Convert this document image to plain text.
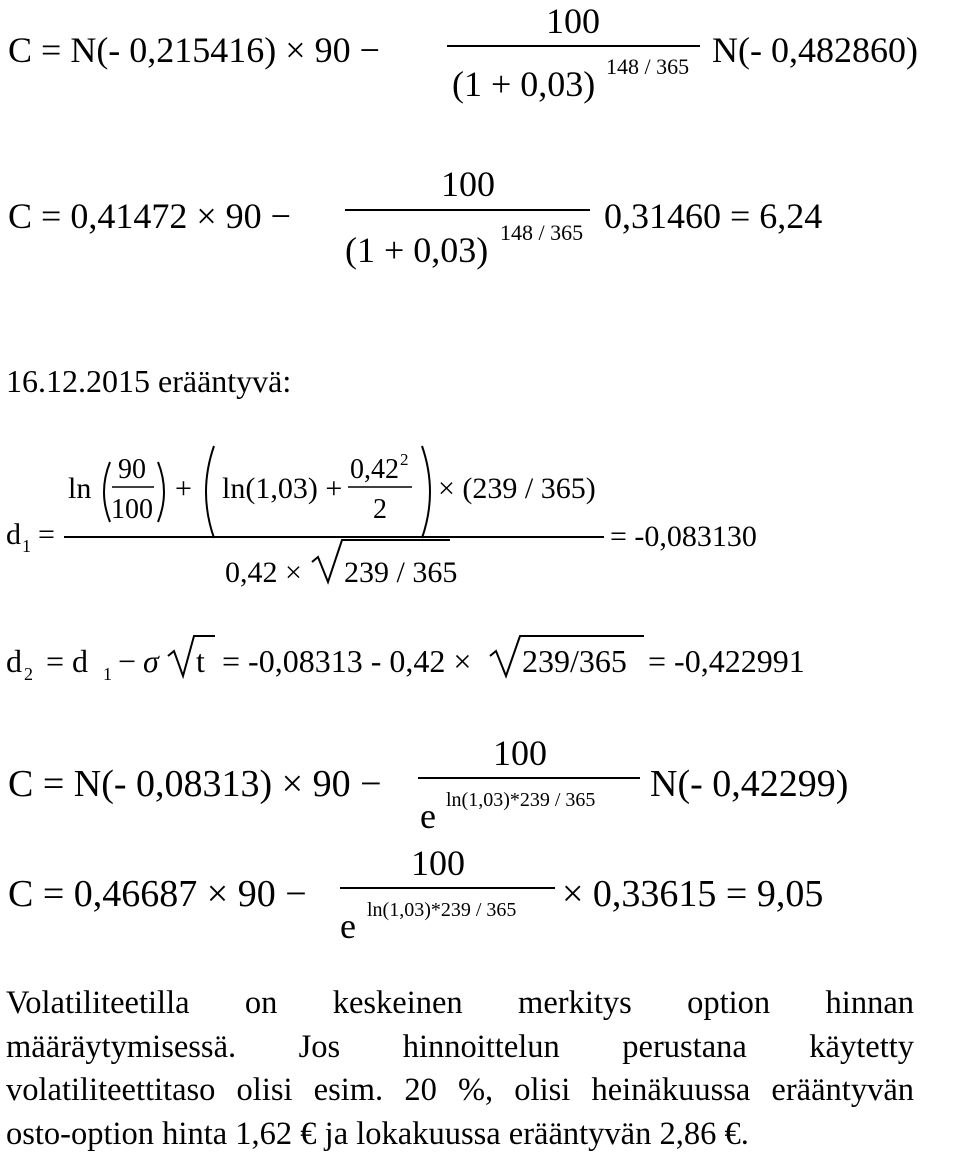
C = N(- 0,215416) × 90 −
100
(1 + 0,03) 148 / 365 N(- 0,482860)
C = 0,41472 × 90 −
100
(1 + 0,03) 148 / 365 0,31460 = 6,24
16.12.2015 erääntyvä:
d 1 =
ln
90
100
+ ln(1,03) +
0,42 2
2
× (239 / 365)
0,42 × 239 / 365
= -0,083130
d 2 = d 1 − σ t = -0,08313 - 0,42 × 239/365 = -0,422991
C = N(- 0,08313) × 90 −
100
e ln(1,03)*239 / 365 N(- 0,42299)
C = 0,46687 × 90 −
100
e ln(1,03)*239 / 365 × 0,33615 = 9,05
Volatiliteetilla on keskeinen merkitys option hinnan
määräytymisessä. Jos hinnoittelun perustana käytetty
volatiliteettitaso olisi esim. 20 %, olisi heinäkuussa erääntyvän
osto-option hinta 1,62 € ja lokakuussa erääntyvän 2,86 €.
